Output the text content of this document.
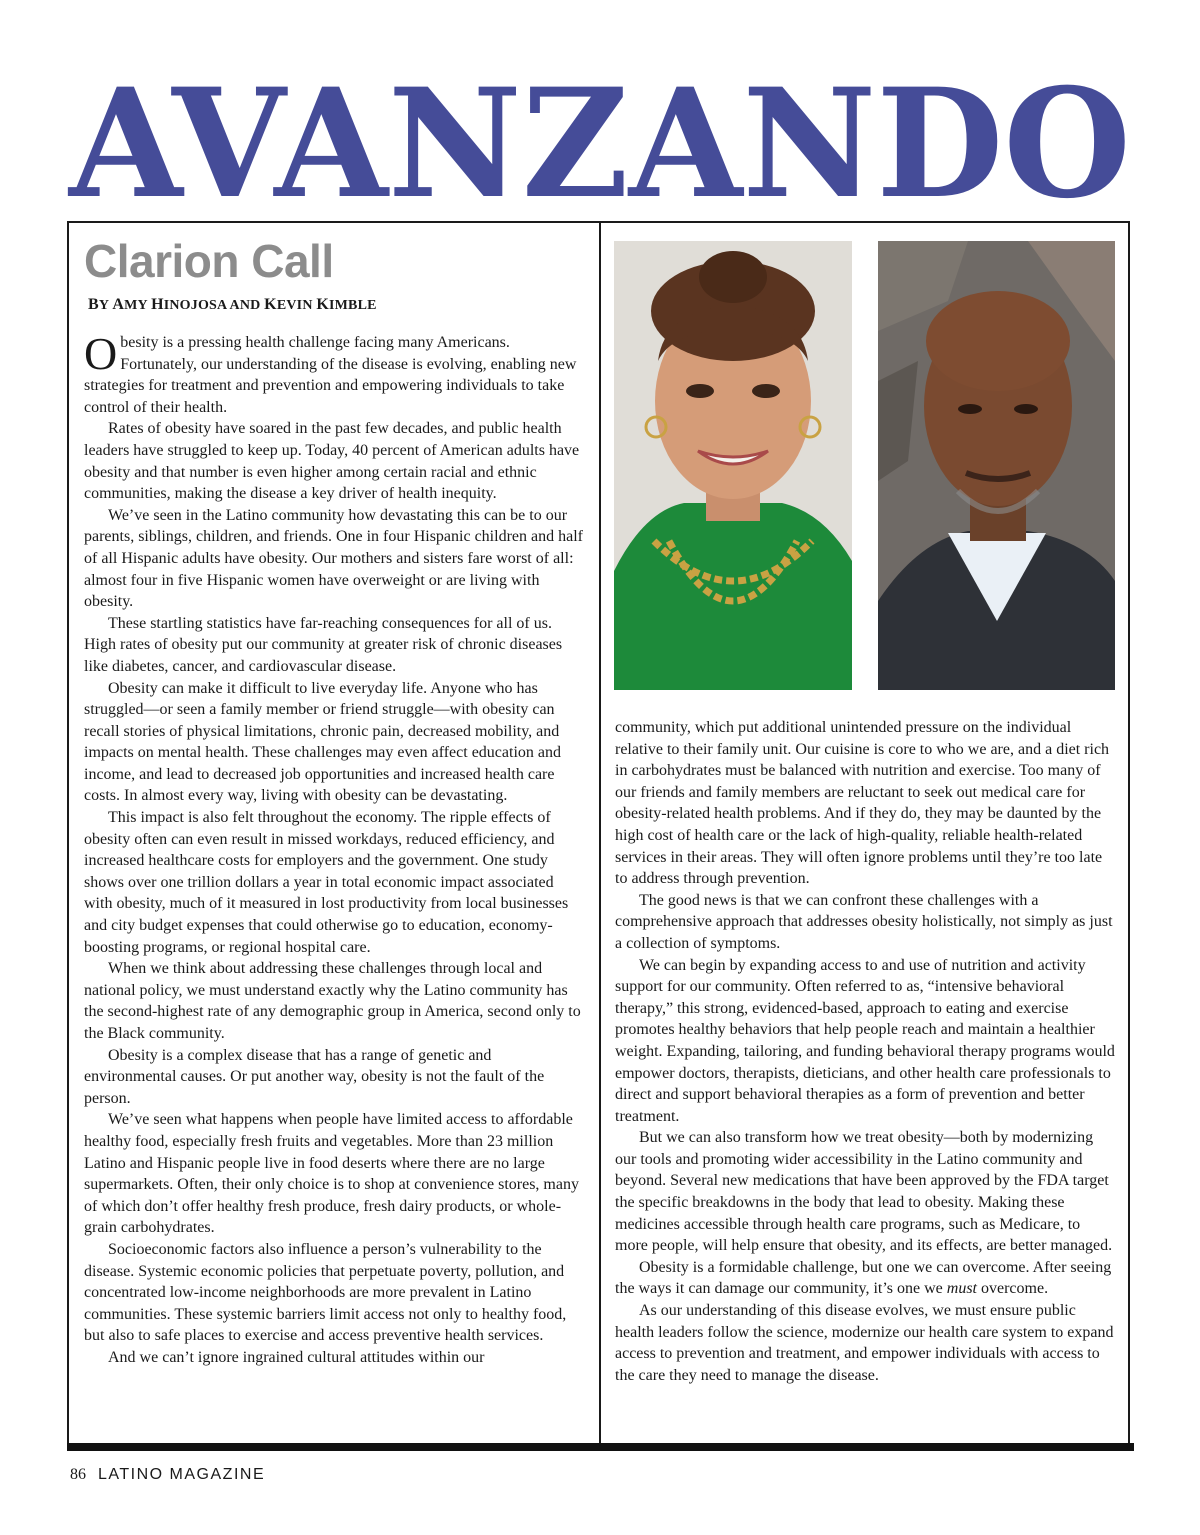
AVANZANDO
Clarion Call
BY AMY HINOJOSA AND KEVIN KIMBLE

Obesity is a pressing health challenge facing many Americans. Fortunately, our understanding of the disease is evolving, enabling new strategies for treatment and prevention and empowering individuals to take control of their health.

Rates of obesity have soared in the past few decades, and public health leaders have struggled to keep up. Today, 40 percent of American adults have obesity and that number is even higher among certain racial and ethnic communities, making the disease a key driver of health inequity.

We’ve seen in the Latino community how devastating this can be to our parents, siblings, children, and friends. One in four Hispanic children and half of all Hispanic adults have obesity. Our mothers and sisters fare worst of all: almost four in five Hispanic women have overweight or are living with obesity.

These startling statistics have far-reaching consequences for all of us. High rates of obesity put our community at greater risk of chronic diseases like diabetes, cancer, and cardiovascular disease.

Obesity can make it difficult to live everyday life. Anyone who has struggled—or seen a family member or friend struggle—with obesity can recall stories of physical limitations, chronic pain, decreased mobility, and impacts on mental health. These challenges may even affect education and income, and lead to decreased job opportunities and increased health care costs. In almost every way, living with obesity can be devastating.

This impact is also felt throughout the economy. The ripple effects of obesity often can even result in missed workdays, reduced efficiency, and increased healthcare costs for employers and the government. One study shows over one trillion dollars a year in total economic impact associated with obesity, much of it measured in lost productivity from local businesses and city budget expenses that could otherwise go to education, economy-boosting programs, or regional hospital care.

When we think about addressing these challenges through local and national policy, we must understand exactly why the Latino community has the second-highest rate of any demographic group in America, second only to the Black community.

Obesity is a complex disease that has a range of genetic and environmental causes. Or put another way, obesity is not the fault of the person.

We’ve seen what happens when people have limited access to affordable healthy food, especially fresh fruits and vegetables. More than 23 million Latino and Hispanic people live in food deserts where there are no large supermarkets. Often, their only choice is to shop at convenience stores, many of which don’t offer healthy fresh produce, fresh dairy products, or whole-grain carbohydrates.

Socioeconomic factors also influence a person’s vulnerability to the disease. Systemic economic policies that perpetuate poverty, pollution, and concentrated low-income neighborhoods are more prevalent in Latino communities. These systemic barriers limit access not only to healthy food, but also to safe places to exercise and access preventive health services.

And we can’t ignore ingrained cultural attitudes within our

community, which put additional unintended pressure on the individual relative to their family unit. Our cuisine is core to who we are, and a diet rich in carbohydrates must be balanced with nutrition and exercise. Too many of our friends and family members are reluctant to seek out medical care for obesity-related health problems. And if they do, they may be daunted by the high cost of health care or the lack of high-quality, reliable health-related services in their areas. They will often ignore problems until they’re too late to address through prevention.

The good news is that we can confront these challenges with a comprehensive approach that addresses obesity holistically, not simply as just a collection of symptoms.

We can begin by expanding access to and use of nutrition and activity support for our community. Often referred to as, “intensive behavioral therapy,” this strong, evidenced-based, approach to eating and exercise promotes healthy behaviors that help people reach and maintain a healthier weight. Expanding, tailoring, and funding behavioral therapy programs would empower doctors, therapists, dieticians, and other health care professionals to direct and support behavioral therapies as a form of prevention and better treatment.

But we can also transform how we treat obesity—both by modernizing our tools and promoting wider accessibility in the Latino community and beyond. Several new medications that have been approved by the FDA target the specific breakdowns in the body that lead to obesity. Making these medicines accessible through health care programs, such as Medicare, to more people, will help ensure that obesity, and its effects, are better managed.

Obesity is a formidable challenge, but one we can overcome. After seeing the ways it can damage our community, it’s one we must overcome.

As our understanding of this disease evolves, we must ensure public health leaders follow the science, modernize our health care system to expand access to prevention and treatment, and empower individuals with access to the care they need to manage the disease.

86 LATINO MAGAZINE
